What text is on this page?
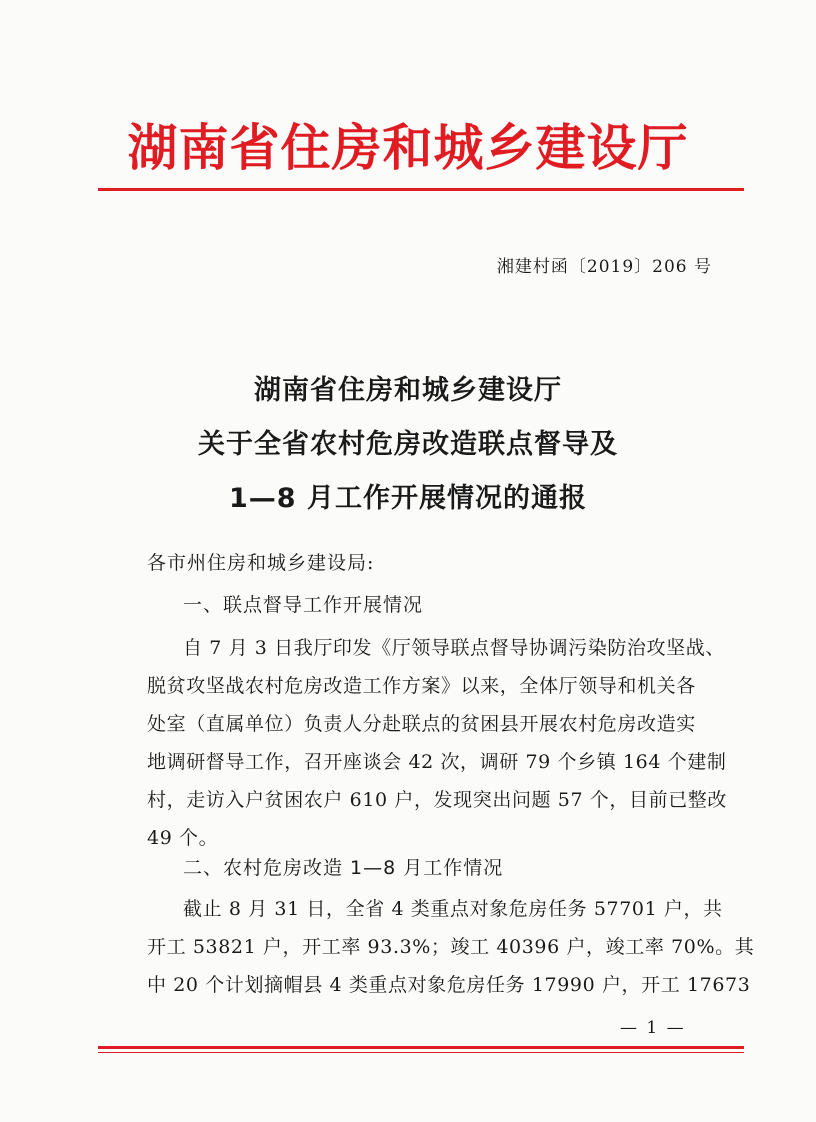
湖南省住房和城乡建设厅
湘建村函〔2019〕206 号
湖南省住房和城乡建设厅
关于全省农村危房改造联点督导及
1—8 月工作开展情况的通报
各市州住房和城乡建设局:
一、联点督导工作开展情况
自 7 月 3 日我厅印发《厅领导联点督导协调污染防治攻坚战、
脱贫攻坚战农村危房改造工作方案》以来，全体厅领导和机关各
处室（直属单位）负责人分赴联点的贫困县开展农村危房改造实
地调研督导工作，召开座谈会 42 次，调研 79 个乡镇 164 个建制
村，走访入户贫困农户 610 户，发现突出问题 57 个，目前已整改
49 个。
二、农村危房改造 1—8 月工作情况
截止 8 月 31 日，全省 4 类重点对象危房任务 57701 户，共
开工 53821 户，开工率 93.3%；竣工 40396 户，竣工率 70%。其
中 20 个计划摘帽县 4 类重点对象危房任务 17990 户，开工 17673
— 1 —
